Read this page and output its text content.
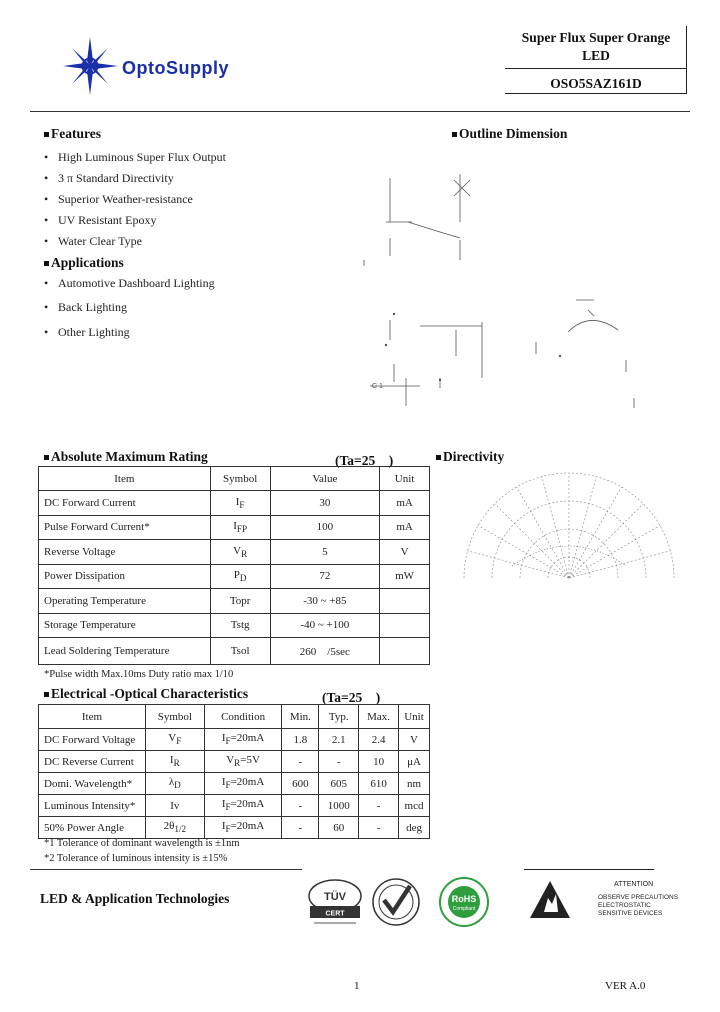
OptoSupply
Super Flux Super Orange
LED
OSO5SAZ161D
Features
• High Luminous Super Flux Output
• 3 π Standard Directivity
• Superior Weather-resistance
• UV Resistant Epoxy
• Water Clear Type
Applications
• Automotive Dashboard Lighting
• Back Lighting
• Other Lighting
Outline Dimension
C 1
Absolute Maximum Rating	(Ta=25　)
Item	Symbol	Value	Unit
DC Forward Current	$I_F$	30	mA
Pulse Forward Current*	$I_{FP}$	100	mA
Reverse Voltage	$V_R$	5	V
Power Dissipation	$P_D$	72	mW
Operating Temperature	Topr	-30 ~ +85	
Storage Temperature	Tstg	-40 ~ +100	
Lead Soldering Temperature	Tsol	260　/5sec	
*Pulse width Max.10ms Duty ratio max 1/10
Directivity
Electrical -Optical Characteristics	(Ta=25　)
Item	Symbol	Condition	Min.	Typ.	Max.	Unit
DC Forward Voltage	$V_F$	$I_F=20mA$	1.8	2.1	2.4	V
DC Reverse Current	$I_R$	$V_R=5V$	-	-	10	μA
Domi. Wavelength*	$\lambda_D$	$I_F=20mA$	600	605	610	nm
Luminous Intensity*	Iv	$I_F=20mA$	-	1000	-	mcd
50% Power Angle	$2\theta_{1/2}$	$I_F=20mA$	-	60	-	deg
*1 Tolerance of dominant wavelength is ±1nm
*2 Tolerance of luminous intensity is ±15%
LED & Application Technologies	TÜV
CERT
RoHS
Compliant
ATTENTION
OBSERVE PRECAUTIONS
ELECTROSTATIC
SENSITIVE DEVICES
1	VER A.0
